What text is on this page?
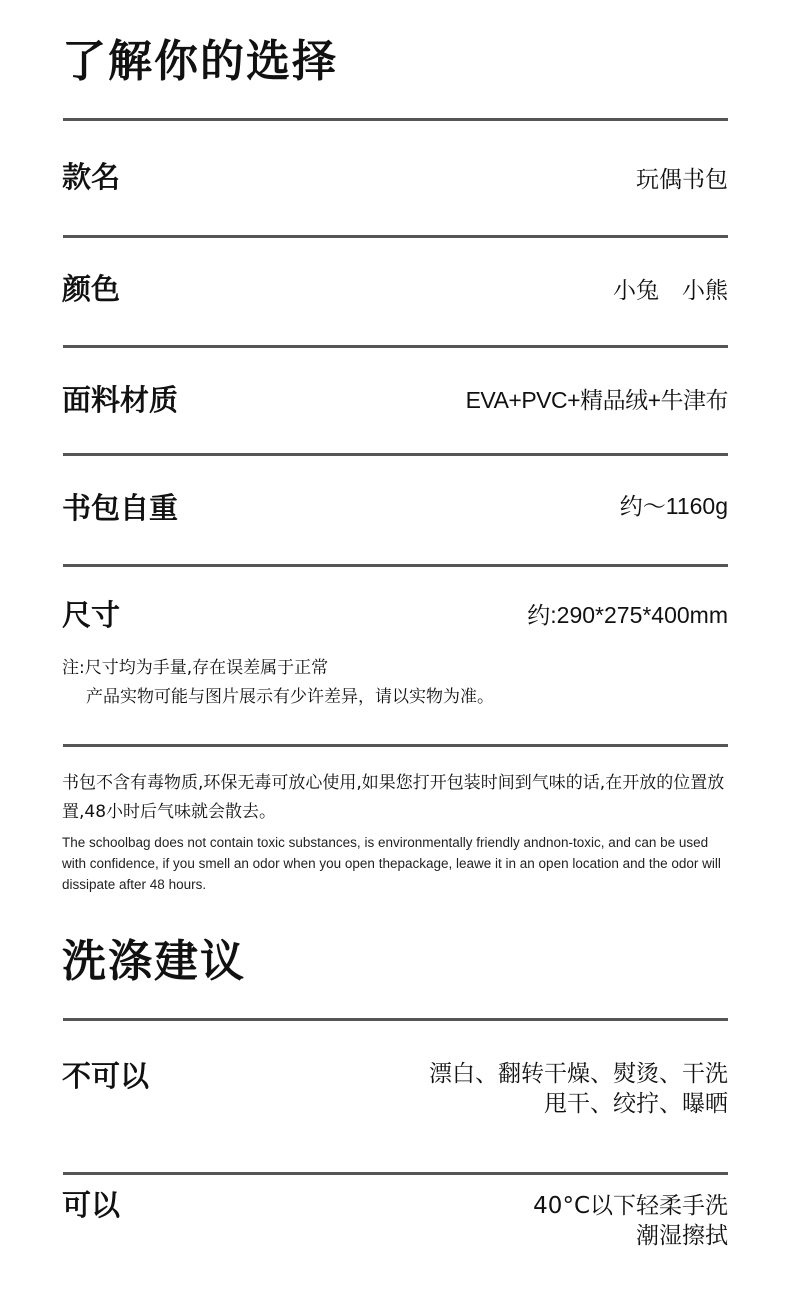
了解你的选择
款名	玩偶书包
颜色	小兔　小熊
面料材质	EVA+PVC+精品绒+牛津布
书包自重	约～1160g
尺寸	约:290*275*400mm
注:尺寸均为手量,存在误差属于正常
产品实物可能与图片展示有少许差异，请以实物为准。
书包不含有毒物质,环保无毒可放心使用,如果您打开包装时间到气味的话,在开放的位置放置,48小时后气味就会散去。
The schoolbag does not contain toxic substances, is environmentally friendly andnon-toxic, and can be used with confidence, if you smell an odor when you open thepackage, leawe it in an open location and the odor will dissipate after 48 hours.
洗涤建议
不可以	漂白、翻转干燥、熨烫、干洗
甩干、绞拧、曝晒
可以	40°C以下轻柔手洗
潮湿擦拭
